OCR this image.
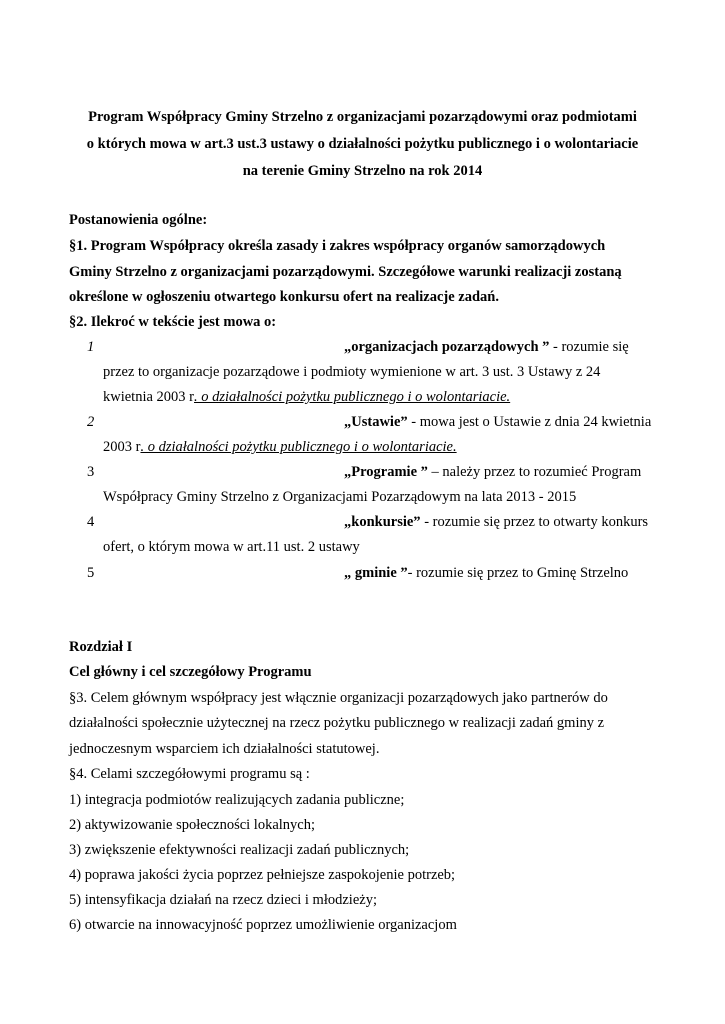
Program Współpracy Gminy Strzelno z organizacjami pozarządowymi oraz podmiotami
o których mowa w art.3 ust.3 ustawy o działalności pożytku publicznego i o wolontariacie
na terenie Gminy Strzelno na rok 2014
Postanowienia ogólne:
§1. Program Współpracy określa zasady i zakres współpracy organów samorządowych
Gminy Strzelno z organizacjami pozarządowymi. Szczegółowe warunki realizacji zostaną
określone w ogłoszeniu otwartego konkursu ofert na realizacje zadań.
§2. Ilekroć w tekście jest mowa o:
1	„organizacjach pozarządowych ” - rozumie się
przez to organizacje pozarządowe i podmioty wymienione w art. 3 ust. 3 Ustawy z 24
kwietnia 2003 r. o działalności pożytku publicznego i o wolontariacie.
2	„Ustawie” - mowa jest o Ustawie z dnia 24 kwietnia
2003 r. o działalności pożytku publicznego i o wolontariacie.
3	„Programie ” – należy przez to rozumieć Program
Współpracy Gminy Strzelno z Organizacjami Pozarządowym na lata 2013 - 2015
4	„konkursie” - rozumie się przez to otwarty konkurs
ofert, o którym mowa w art.11 ust. 2 ustawy
5	„ gminie ”- rozumie się przez to Gminę Strzelno
Rozdział I
Cel główny i cel szczegółowy Programu
§3. Celem głównym współpracy jest włącznie organizacji pozarządowych jako partnerów do
działalności społecznie użytecznej na rzecz pożytku publicznego w realizacji zadań gminy z
jednoczesnym wsparciem ich działalności statutowej.
§4. Celami szczegółowymi programu są :
1) integracja podmiotów realizujących zadania publiczne;
2) aktywizowanie społeczności lokalnych;
3) zwiększenie efektywności realizacji zadań publicznych;
4) poprawa jakości życia poprzez pełniejsze zaspokojenie potrzeb;
5) intensyfikacja działań na rzecz dzieci i młodzieży;
6) otwarcie na innowacyjność poprzez umożliwienie organizacjom
